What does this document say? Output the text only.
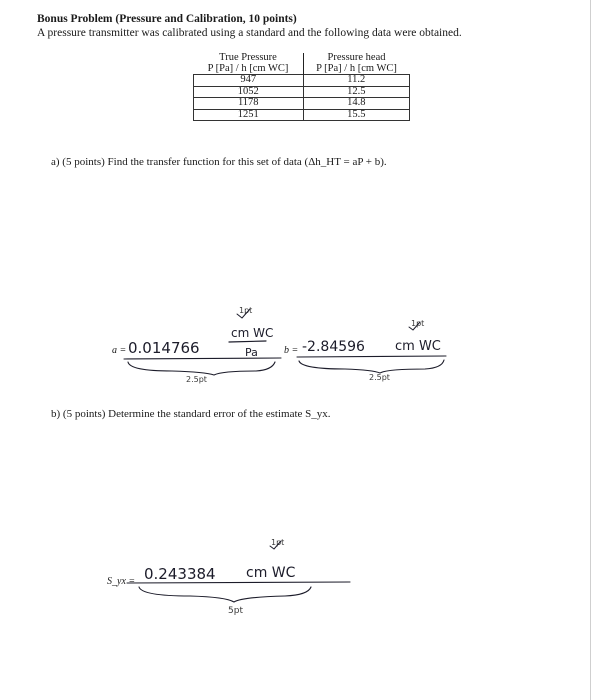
Bonus Problem (Pressure and Calibration, 10 points)
A pressure transmitter was calibrated using a standard and the following data were obtained.
True Pressure	Pressure head
P [Pa] / h [cm WC]	P [Pa] / h [cm WC]
947	11.2
1052	12.5
1178	14.8
1251	15.5
a) (5 points) Find the transfer function for this set of data (Δh_HT = aP + b).
a = 0.014766
cm WC
Pa
1pt
2.5pt
b = -2.84596 cm WC
1pt
2.5pt
b) (5 points) Determine the standard error of the estimate S_yx.
S_yx = 0.243384 cm WC
1pt
5pt
